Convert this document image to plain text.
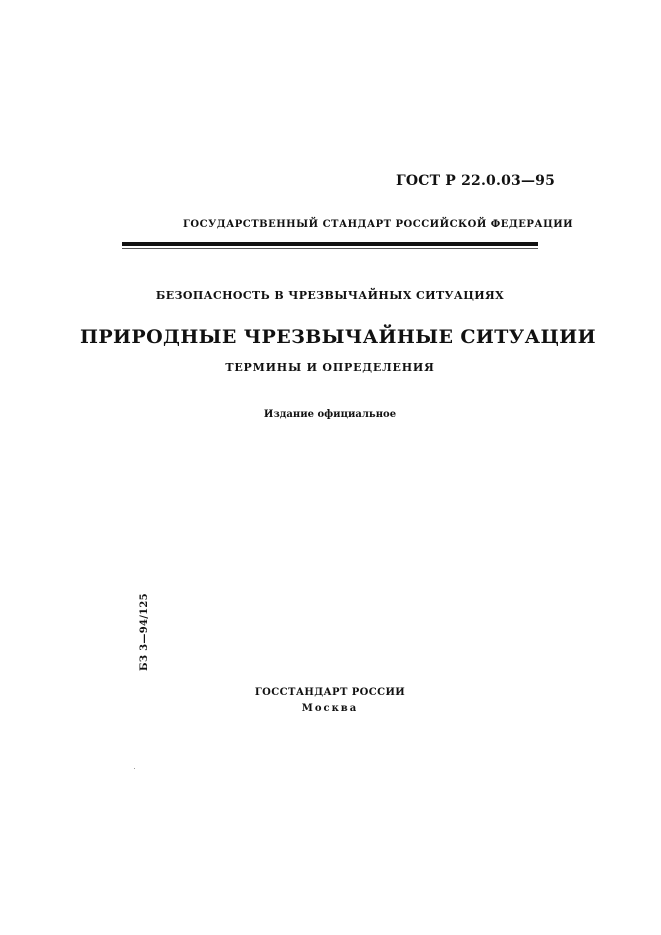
ГОСТ Р 22.0.03—95
ГОСУДАРСТВЕННЫЙ СТАНДАРТ РОССИЙСКОЙ ФЕДЕРАЦИИ
БЕЗОПАСНОСТЬ В ЧРЕЗВЫЧАЙНЫХ СИТУАЦИЯХ
ПРИРОДНЫЕ ЧРЕЗВЫЧАЙНЫЕ СИТУАЦИИ
ТЕРМИНЫ И ОПРЕДЕЛЕНИЯ
Издание официальное
БЗ 3—94/125
ГОССТАНДАРТ РОССИИ
Москва
